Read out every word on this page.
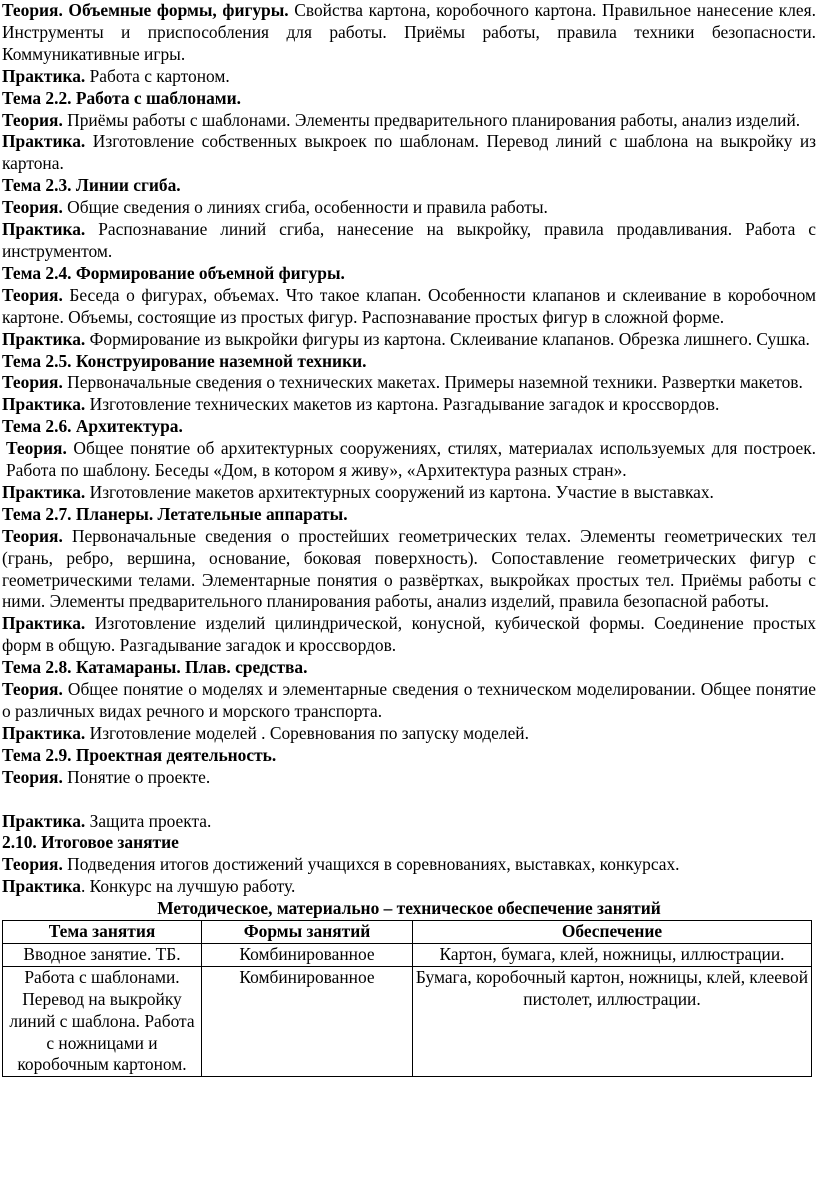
Теория. Объемные формы, фигуры. Свойства картона, коробочного картона. Правильное нанесение клея. Инструменты и приспособления для работы. Приёмы работы, правила техники безопасности. Коммуникативные игры.

Практика. Работа с картоном.

Тема 2.2. Работа с шаблонами.

Теория. Приёмы работы с шаблонами. Элементы предварительного планирования работы, анализ изделий.

Практика. Изготовление собственных выкроек по шаблонам. Перевод линий с шаблона на выкройку из картона.

Тема 2.3. Линии сгиба.

Теория. Общие сведения о линиях сгиба, особенности и правила работы.

Практика. Распознавание линий сгиба, нанесение на выкройку, правила продавливания. Работа с инструментом.

Тема 2.4. Формирование объемной фигуры.

Теория. Беседа о фигурах, объемах. Что такое клапан. Особенности клапанов и склеивание в коробочном картоне. Объемы, состоящие из простых фигур. Распознавание простых фигур в сложной форме.

Практика. Формирование из выкройки фигуры из картона. Склеивание клапанов. Обрезка лишнего. Сушка.

Тема 2.5. Конструирование наземной техники.

Теория. Первоначальные сведения о технических макетах. Примеры наземной техники. Развертки макетов.

Практика. Изготовление технических макетов из картона. Разгадывание загадок и кроссвордов.

Тема 2.6. Архитектура.

Теория. Общее понятие об архитектурных сооружениях, стилях, материалах используемых для построек. Работа по шаблону. Беседы «Дом, в котором я живу», «Архитектура разных стран».

Практика. Изготовление макетов архитектурных сооружений из картона. Участие в выставках.

Тема 2.7. Планеры. Летательные аппараты.

Теория. Первоначальные сведения о простейших геометрических телах. Элементы геометрических тел (грань, ребро, вершина, основание, боковая поверхность). Сопоставление геометрических фигур с геометрическими телами. Элементарные понятия о развёртках, выкройках простых тел. Приёмы работы с ними. Элементы предварительного планирования работы, анализ изделий, правила безопасной работы.

Практика. Изготовление изделий цилиндрической, конусной, кубической формы. Соединение простых форм в общую. Разгадывание загадок и кроссвордов.

Тема 2.8. Катамараны. Плав. средства.

Теория. Общее понятие о моделях и элементарные сведения о техническом моделировании. Общее понятие о различных видах речного и морского транспорта.

Практика. Изготовление моделей . Соревнования по запуску моделей.

Тема 2.9. Проектная деятельность.

Теория. Понятие о проекте.

Практика. Защита проекта.

2.10. Итоговое занятие

Теория. Подведения итогов достижений учащихся в соревнованиях, выставках, конкурсах.

Практика. Конкурс на лучшую работу.

Методическое, материально – техническое обеспечение занятий

Тема занятия	Формы занятий	Обеспечение
Вводное занятие. ТБ.	Комбинированное	Картон, бумага, клей, ножницы, иллюстрации.
Работа с шаблонами. Перевод на выкройку линий с шаблона. Работа с ножницами и коробочным картоном.	Комбинированное	Бумага, коробочный картон, ножницы, клей, клеевой пистолет, иллюстрации.
